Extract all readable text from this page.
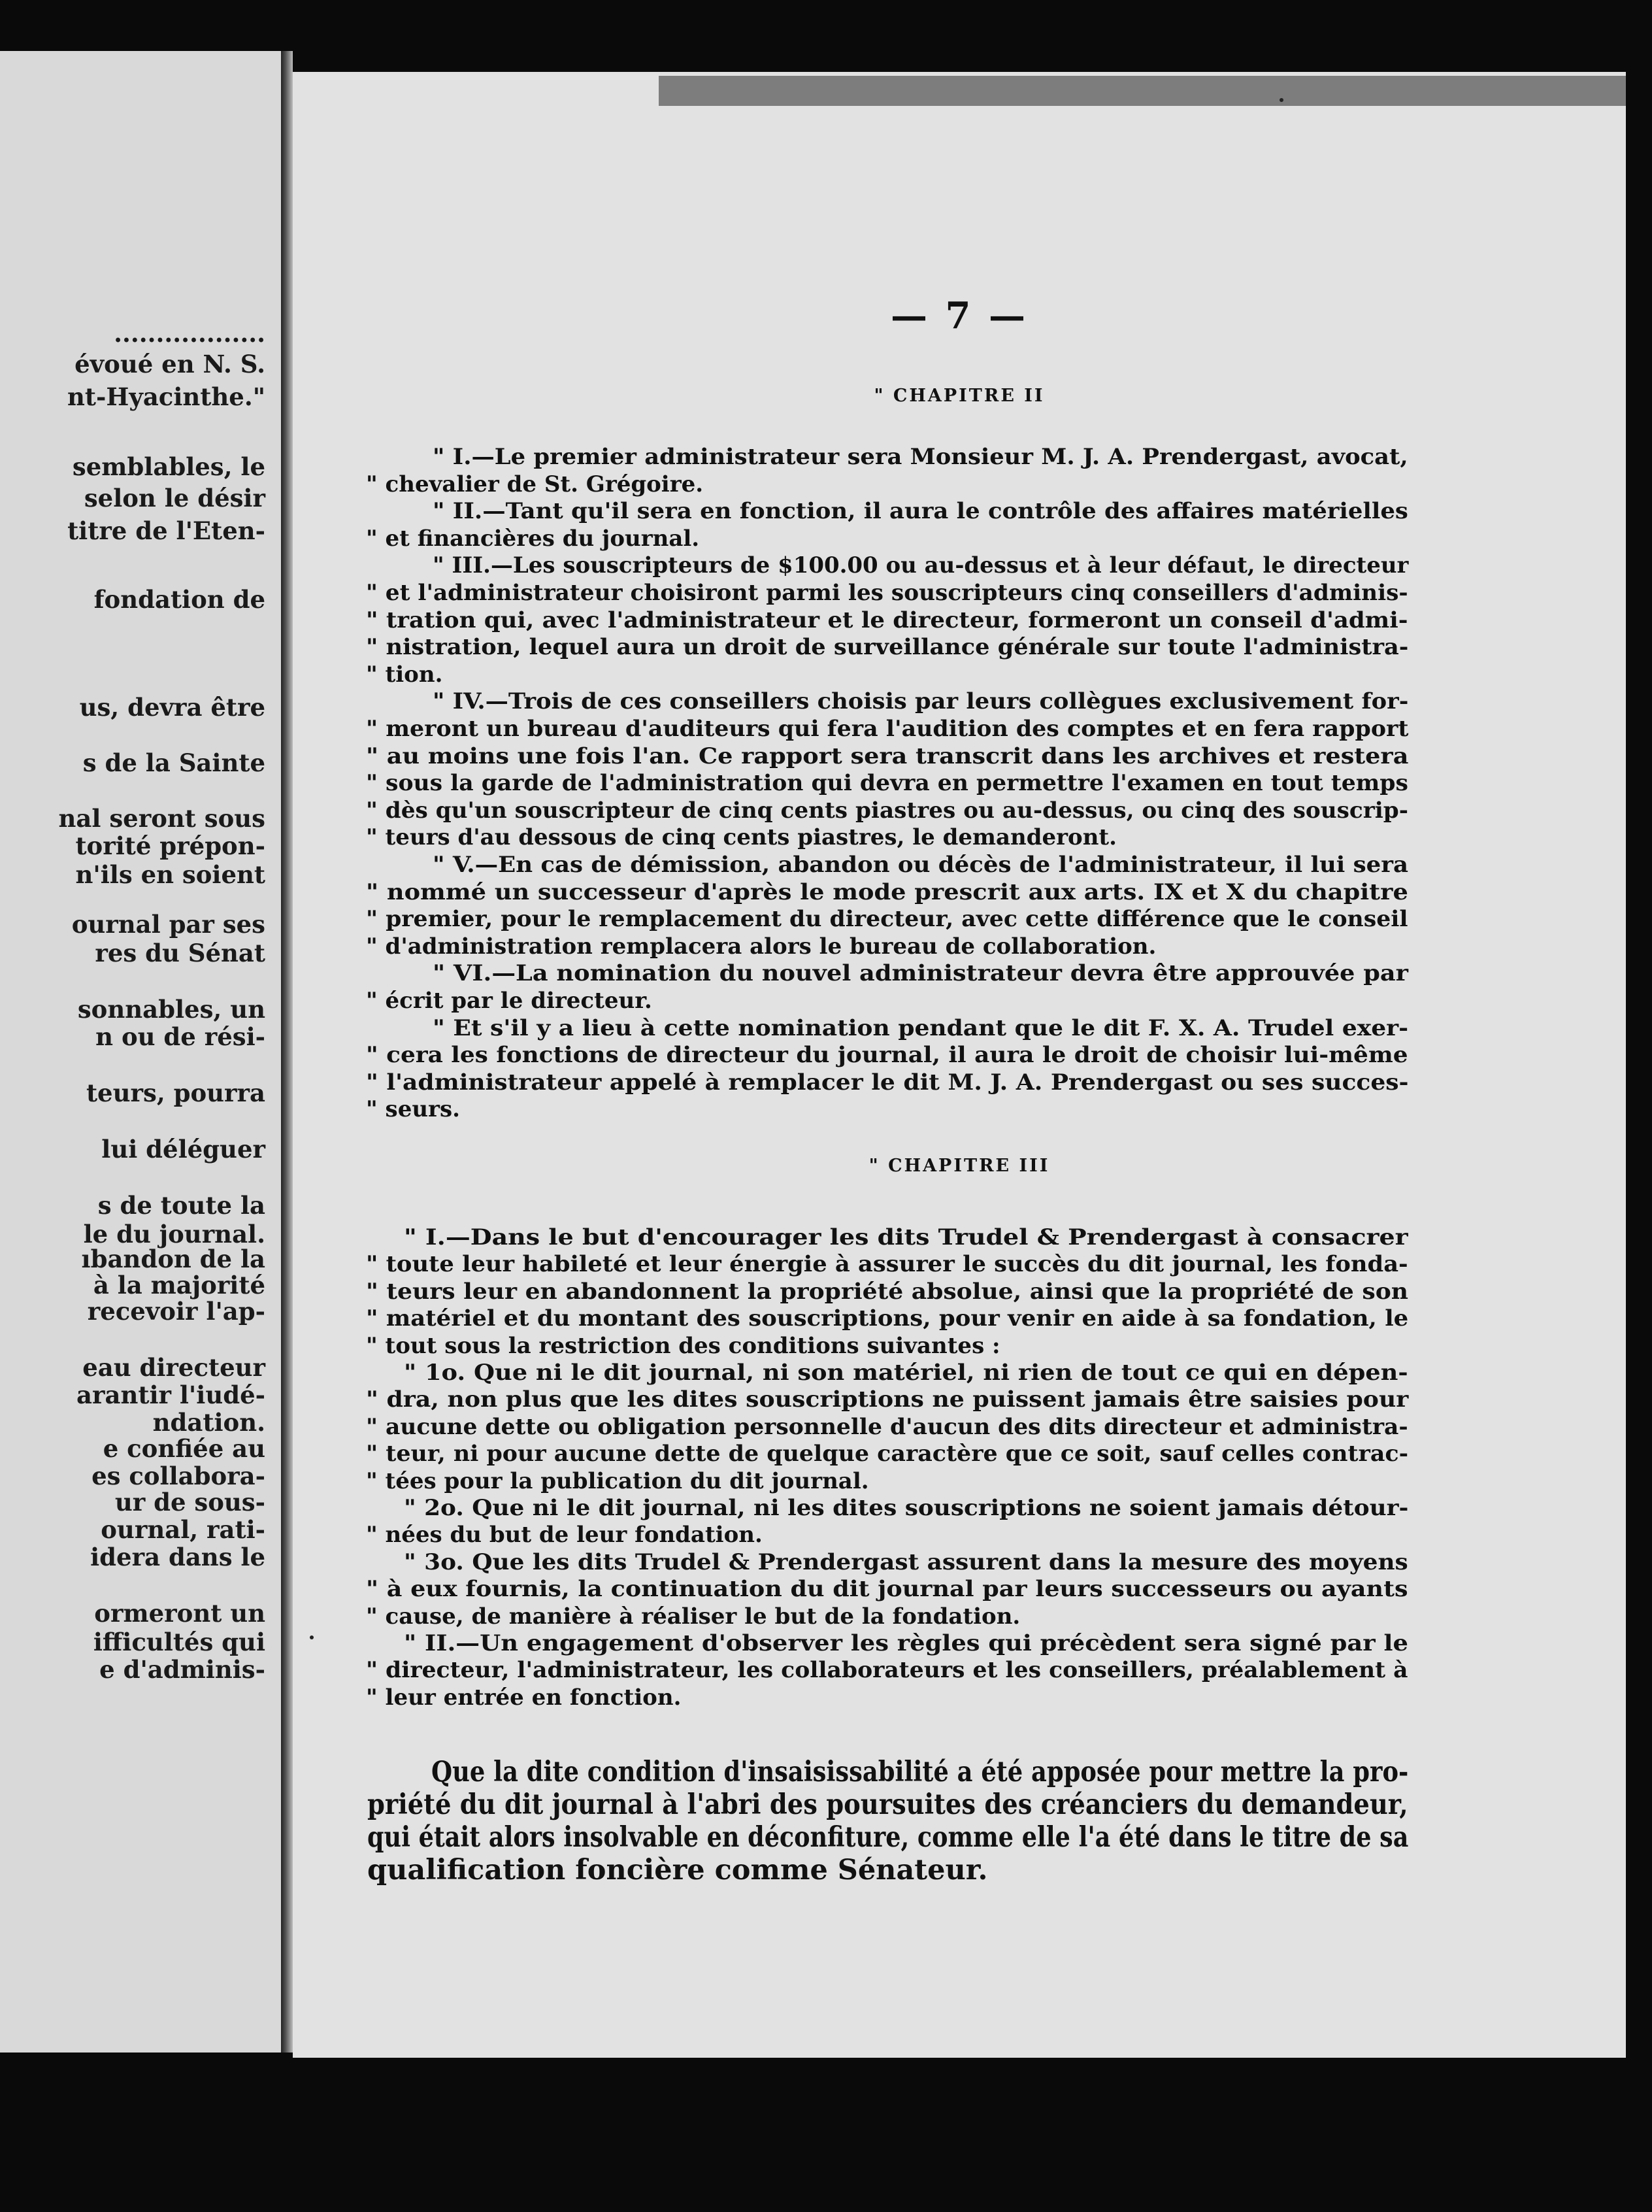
..................
évoué en N. S.
nt-Hyacinthe."
semblables, le
selon le désir
titre de l'Eten-
fondation de
us, devra être
s de la Sainte
nal seront sous
torité prépon-
n'ils en soient
ournal par ses
res du Sénat
sonnables, un
n ou de rési-
teurs, pourra
lui déléguer
s de toute la
le du journal.
ıbandon de la
à la majorité
recevoir l'ap-
eau directeur
arantir l'iudé-
ndation.
e confiée au
es collabora-
ur de sous-
ournal, rati-
idera dans le
ormeront un
ifficultés qui
e d'adminis-
— 7 —
" CHAPITRE II
" CHAPITRE III
" I.—Le premier administrateur sera Monsieur M. J. A. Prendergast, avocat,
" chevalier de St. Grégoire.
" II.—Tant qu'il sera en fonction, il aura le contrôle des affaires matérielles
" et financières du journal.
" III.—Les souscripteurs de $100.00 ou au-dessus et à leur défaut, le directeur
" et l'administrateur choisiront parmi les souscripteurs cinq conseillers d'adminis-
" tration qui, avec l'administrateur et le directeur, formeront un conseil d'admi-
" nistration, lequel aura un droit de surveillance générale sur toute l'administra-
" tion.
" IV.—Trois de ces conseillers choisis par leurs collègues exclusivement for-
" meront un bureau d'auditeurs qui fera l'audition des comptes et en fera rapport
" au moins une fois l'an. Ce rapport sera transcrit dans les archives et restera
" sous la garde de l'administration qui devra en permettre l'examen en tout temps
" dès qu'un souscripteur de cinq cents piastres ou au-dessus, ou cinq des souscrip-
" teurs d'au dessous de cinq cents piastres, le demanderont.
" V.—En cas de démission, abandon ou décès de l'administrateur, il lui sera
" nommé un successeur d'après le mode prescrit aux arts. IX et X du chapitre
" premier, pour le remplacement du directeur, avec cette différence que le conseil
" d'administration remplacera alors le bureau de collaboration.
" VI.—La nomination du nouvel administrateur devra être approuvée par
" écrit par le directeur.
" Et s'il y a lieu à cette nomination pendant que le dit F. X. A. Trudel exer-
" cera les fonctions de directeur du journal, il aura le droit de choisir lui-même
" l'administrateur appelé à remplacer le dit M. J. A. Prendergast ou ses succes-
" seurs.
" I.—Dans le but d'encourager les dits Trudel & Prendergast à consacrer
" toute leur habileté et leur énergie à assurer le succès du dit journal, les fonda-
" teurs leur en abandonnent la propriété absolue, ainsi que la propriété de son
" matériel et du montant des souscriptions, pour venir en aide à sa fondation, le
" tout sous la restriction des conditions suivantes :
" 1o. Que ni le dit journal, ni son matériel, ni rien de tout ce qui en dépen-
" dra, non plus que les dites souscriptions ne puissent jamais être saisies pour
" aucune dette ou obligation personnelle d'aucun des dits directeur et administra-
" teur, ni pour aucune dette de quelque caractère que ce soit, sauf celles contrac-
" tées pour la publication du dit journal.
" 2o. Que ni le dit journal, ni les dites souscriptions ne soient jamais détour-
" nées du but de leur fondation.
" 3o. Que les dits Trudel & Prendergast assurent dans la mesure des moyens
" à eux fournis, la continuation du dit journal par leurs successeurs ou ayants
" cause, de manière à réaliser le but de la fondation.
" II.—Un engagement d'observer les règles qui précèdent sera signé par le
" directeur, l'administrateur, les collaborateurs et les conseillers, préalablement à
" leur entrée en fonction.
Que la dite condition d'insaisissabilité a été apposée pour mettre la pro-
priété du dit journal à l'abri des poursuites des créanciers du demandeur,
qui était alors insolvable en déconfiture, comme elle l'a été dans le titre de sa
qualification foncière comme Sénateur.
